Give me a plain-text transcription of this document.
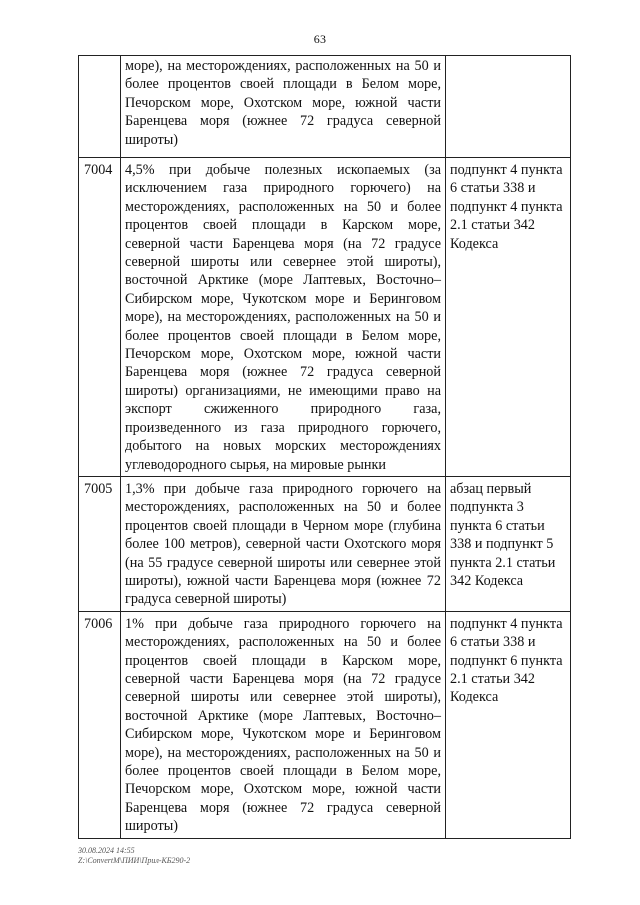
63
	море), на месторождениях, расположенных на 50 и более процентов своей площади в Белом море, Печорском море, Охотском море, южной части Баренцева моря (южнее 72 градуса северной широты)	
7004	4,5% при добыче полезных ископаемых (за исключением газа природного горючего) на месторождениях, расположенных на 50 и более процентов своей площади в Карском море, северной части Баренцева моря (на 72 градусе северной широты или севернее этой широты), восточной Арктике (море Лаптевых, Восточно–Сибирском море, Чукотском море и Беринговом море), на месторождениях, расположенных на 50 и более процентов своей площади в Белом море, Печорском море, Охотском море, южной части Баренцева моря (южнее 72 градуса северной широты) организациями, не имеющими право на экспорт сжиженного природного газа, произведенного из газа природного горючего, добытого на новых морских месторождениях углеводородного сырья, на мировые рынки	подпункт 4 пункта 6 статьи 338 и подпункт 4 пункта 2.1 статьи 342 Кодекса
7005	1,3% при добыче газа природного горючего на месторождениях, расположенных на 50 и более процентов своей площади в Черном море (глубина более 100 метров), северной части Охотского моря (на 55 градусе северной широты или севернее этой широты), южной части Баренцева моря (южнее 72 градуса северной широты)	абзац первый подпункта 3 пункта 6 статьи 338 и подпункт 5 пункта 2.1 статьи 342 Кодекса
7006	1% при добыче газа природного горючего на месторождениях, расположенных на 50 и более процентов своей площади в Карском море, северной части Баренцева моря (на 72 градусе северной широты или севернее этой широты), восточной Арктике (море Лаптевых, Восточно–Сибирском море, Чукотском море и Беринговом море), на месторождениях, расположенных на 50 и более процентов своей площади в Белом море, Печорском море, Охотском море, южной части Баренцева моря (южнее 72 градуса северной широты)	подпункт 4 пункта 6 статьи 338 и подпункт 6 пункта 2.1 статьи 342 Кодекса
30.08.2024 14:55
Z:\ConvertM\ПИИ\Прил-КБ290-2
